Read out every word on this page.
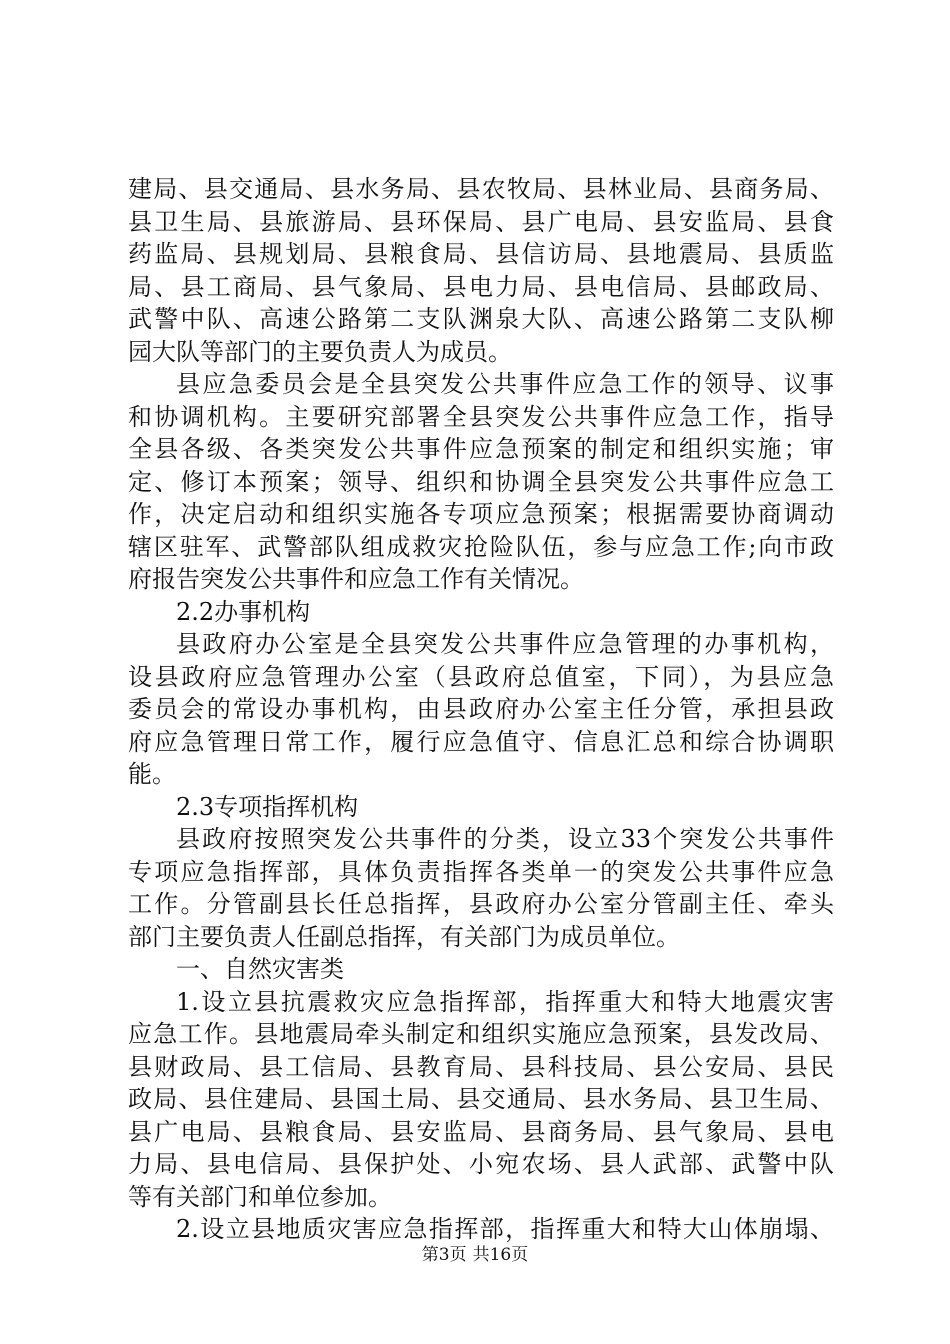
建局、县交通局、县水务局、县农牧局、县林业局、县商务局、
县卫生局、县旅游局、县环保局、县广电局、县安监局、县食
药监局、县规划局、县粮食局、县信访局、县地震局、县质监
局、县工商局、县气象局、县电力局、县电信局、县邮政局、
武警中队、高速公路第二支队渊泉大队、高速公路第二支队柳
园大队等部门的主要负责人为成员。
县应急委员会是全县突发公共事件应急工作的领导、议事
和协调机构。主要研究部署全县突发公共事件应急工作，指导
全县各级、各类突发公共事件应急预案的制定和组织实施；审
定、修订本预案；领导、组织和协调全县突发公共事件应急工
作，决定启动和组织实施各专项应急预案；根据需要协商调动
辖区驻军、武警部队组成救灾抢险队伍，参与应急工作;向市政
府报告突发公共事件和应急工作有关情况。
2.2办事机构
县政府办公室是全县突发公共事件应急管理的办事机构，
设县政府应急管理办公室（县政府总值室，下同），为县应急
委员会的常设办事机构，由县政府办公室主任分管，承担县政
府应急管理日常工作，履行应急值守、信息汇总和综合协调职
能。
2.3专项指挥机构
县政府按照突发公共事件的分类，设立33个突发公共事件
专项应急指挥部，具体负责指挥各类单一的突发公共事件应急
工作。分管副县长任总指挥，县政府办公室分管副主任、牵头
部门主要负责人任副总指挥，有关部门为成员单位。
一、自然灾害类
1.设立县抗震救灾应急指挥部，指挥重大和特大地震灾害
应急工作。县地震局牵头制定和组织实施应急预案，县发改局、
县财政局、县工信局、县教育局、县科技局、县公安局、县民
政局、县住建局、县国土局、县交通局、县水务局、县卫生局、
县广电局、县粮食局、县安监局、县商务局、县气象局、县电
力局、县电信局、县保护处、小宛农场、县人武部、武警中队
等有关部门和单位参加。
2.设立县地质灾害应急指挥部，指挥重大和特大山体崩塌、
第3页 共16页
